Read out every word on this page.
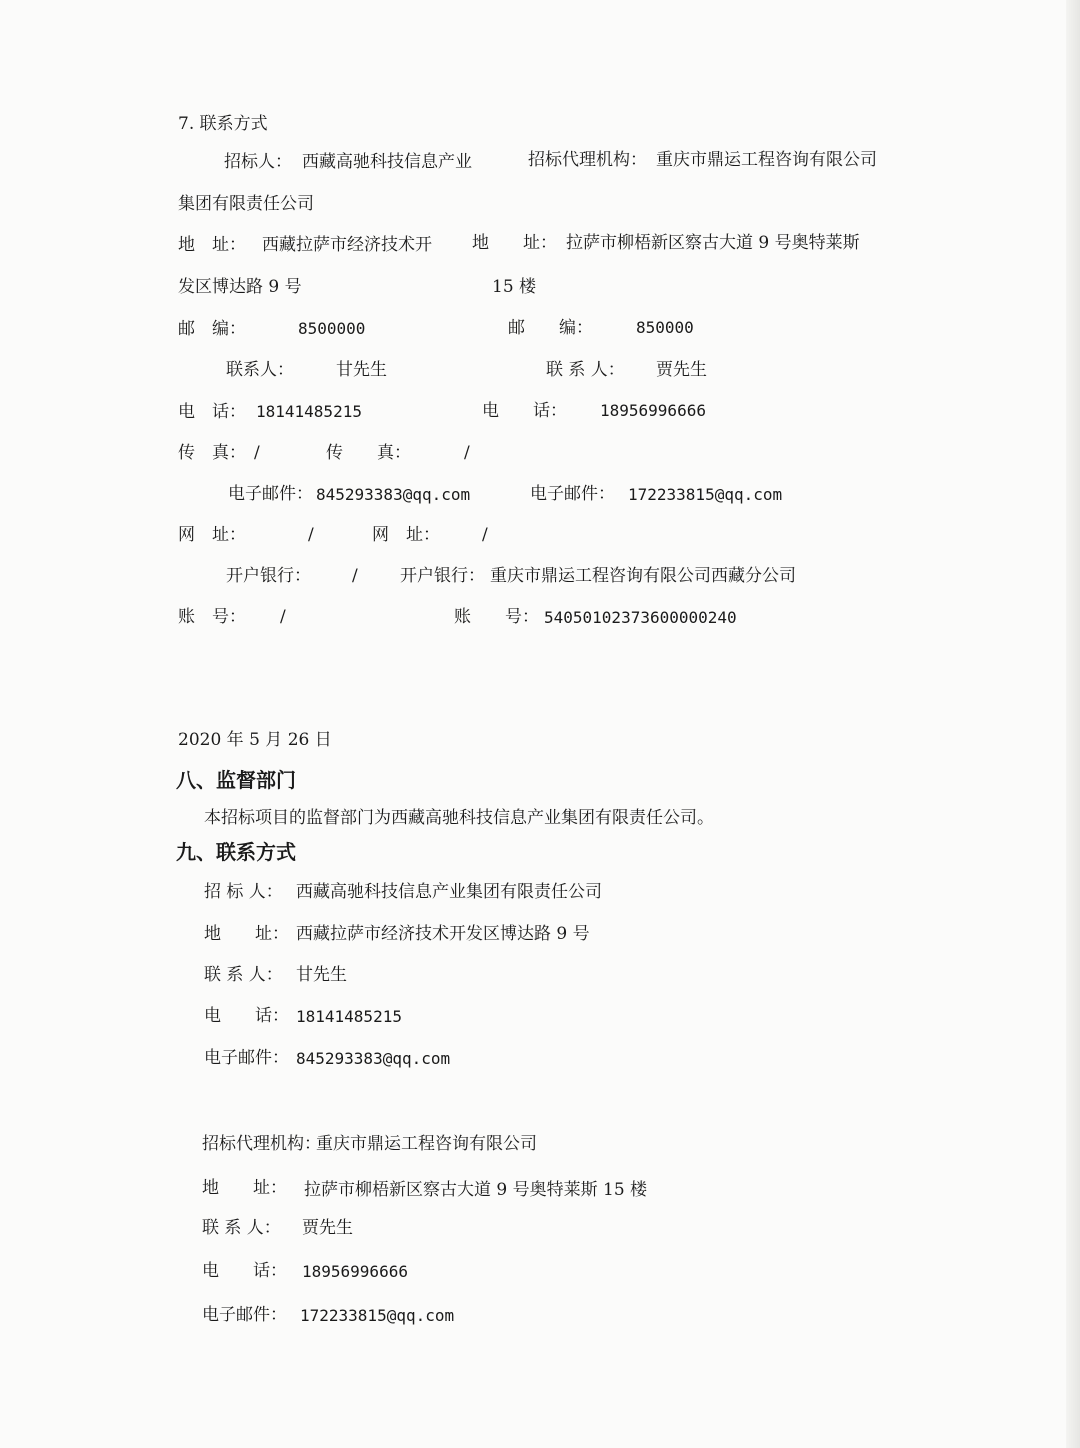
7. 联系方式
招标人： 西藏高驰科技信息产业	招标代理机构： 重庆市鼎运工程咨询有限公司
集团有限责任公司
地　址： 西藏拉萨市经济技术开 地　　址： 拉萨市柳梧新区察古大道 9 号奥特莱斯
发区博达路 9 号	15 楼
邮　编：	8500000	邮　　编：	850000
联系人： 甘先生	联 系 人： 贾先生
电　话： 18141485215	电　　话： 18956996666
传　真： /	传　　真：	/
电子邮件： 845293383@qq.com	电子邮件： 172233815@qq.com
网　址：	/	网　址： /
开户银行： / 开户银行： 重庆市鼎运工程咨询有限公司西藏分公司
账　号： /	账　　号： 54050102373600000240
2020 年 5 月 26 日
八、监督部门
本招标项目的监督部门为西藏高驰科技信息产业集团有限责任公司。
九、联系方式
招 标 人： 西藏高驰科技信息产业集团有限责任公司
地　　址： 西藏拉萨市经济技术开发区博达路 9 号
联 系 人： 甘先生
电　　话： 18141485215
电子邮件： 845293383@qq.com
招标代理机构：
重庆市鼎运工程咨询有限公司
地　　址： 拉萨市柳梧新区察古大道 9 号奥特莱斯 15 楼
联 系 人： 贾先生
电　　话： 18956996666
电子邮件： 172233815@qq.com
